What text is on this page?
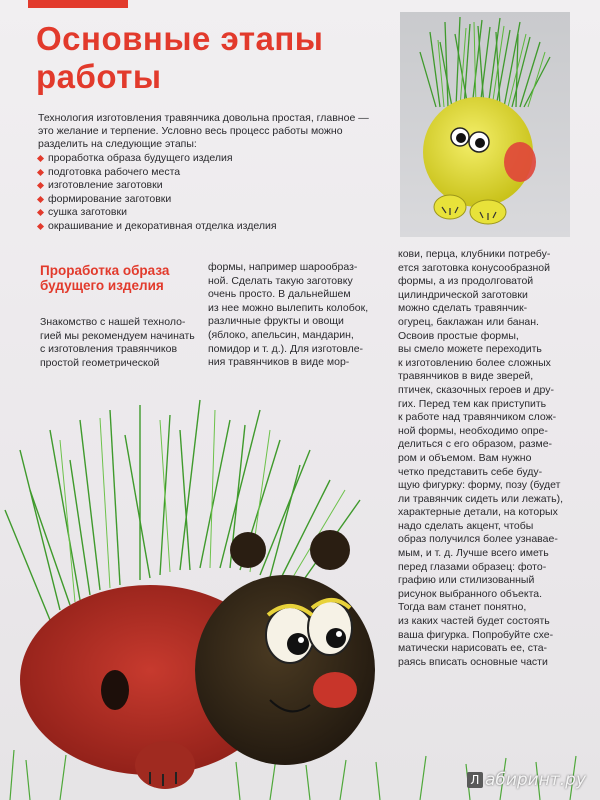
Основные этапы работы

Технология изготовления травянчика довольна простая, главное — это желание и терпение. Условно весь процесс работы можно разделить на следующие этапы:

проработка образа будущего изделия
подготовка рабочего места
изготовление заготовки
формирование заготовки
сушка заготовки
окрашивание и декоративная отделка изделия
Проработка образа будущего изделия

Знакомство с нашей техноло-
гией мы рекомендуем начинать
с изготовления травянчиков
простой геометрической

формы, например шарообраз-
ной. Сделать такую заготовку
очень просто. В дальнейшем
из нее можно вылепить колобок,
различные фрукты и овощи
(яблоко, апельсин, мандарин,
помидор и т. д.). Для изготовле-
ния травянчиков в виде мор-

кови, перца, клубники потребу-
ется заготовка конусообразной
формы, а из продолговатой
цилиндрической заготовки
можно сделать травянчик-
огурец, баклажан или банан.
Освоив простые формы,
вы смело можете переходить
к изготовлению более сложных
травянчиков в виде зверей,
птичек, сказочных героев и дру-
гих. Перед тем как приступить
к работе над травянчиком слож-
ной формы, необходимо опре-
делиться с его образом, разме-
ром и объемом. Вам нужно
четко представить себе буду-
щую фигурку: форму, позу (будет
ли травянчик сидеть или лежать),
характерные детали, на которых
надо сделать акцент, чтобы
образ получился более узнавае-
мым, и т. д. Лучше всего иметь
перед глазами образец: фото-
графию или стилизованный
рисунок выбранного объекта.
Тогда вам станет понятно,
из каких частей будет состоять
ваша фигурка. Попробуйте схе-
матически нарисовать ее, ста-
раясь вписать основные части

Л абиринт.ру
